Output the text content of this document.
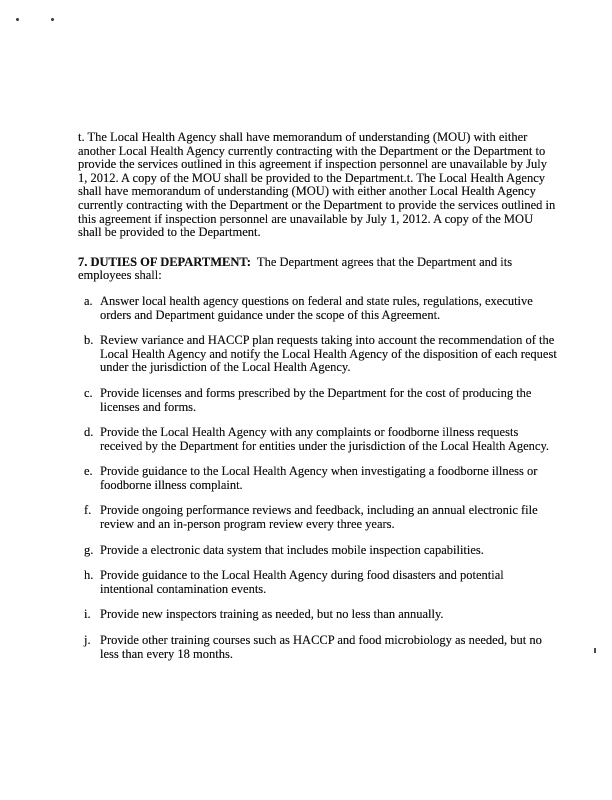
t. The Local Health Agency shall have memorandum of understanding (MOU) with either another Local Health Agency currently contracting with the Department or the Department to provide the services outlined in this agreement if inspection personnel are unavailable by July 1, 2012. A copy of the MOU shall be provided to the Department.t. The Local Health Agency shall have memorandum of understanding (MOU) with either another Local Health Agency currently contracting with the Department or the Department to provide the services outlined in this agreement if inspection personnel are unavailable by July 1, 2012. A copy of the MOU shall be provided to the Department.

7. DUTIES OF DEPARTMENT: The Department agrees that the Department and its employees shall:

a. Answer local health agency questions on federal and state rules, regulations, executive orders and Department guidance under the scope of this Agreement.
b. Review variance and HACCP plan requests taking into account the recommendation of the Local Health Agency and notify the Local Health Agency of the disposition of each request under the jurisdiction of the Local Health Agency.
c. Provide licenses and forms prescribed by the Department for the cost of producing the licenses and forms.
d. Provide the Local Health Agency with any complaints or foodborne illness requests received by the Department for entities under the jurisdiction of the Local Health Agency.
e. Provide guidance to the Local Health Agency when investigating a foodborne illness or foodborne illness complaint.
f. Provide ongoing performance reviews and feedback, including an annual electronic file review and an in-person program review every three years.
g. Provide a electronic data system that includes mobile inspection capabilities.
h. Provide guidance to the Local Health Agency during food disasters and potential intentional contamination events.
i. Provide new inspectors training as needed, but no less than annually.
j. Provide other training courses such as HACCP and food microbiology as needed, but no less than every 18 months.
